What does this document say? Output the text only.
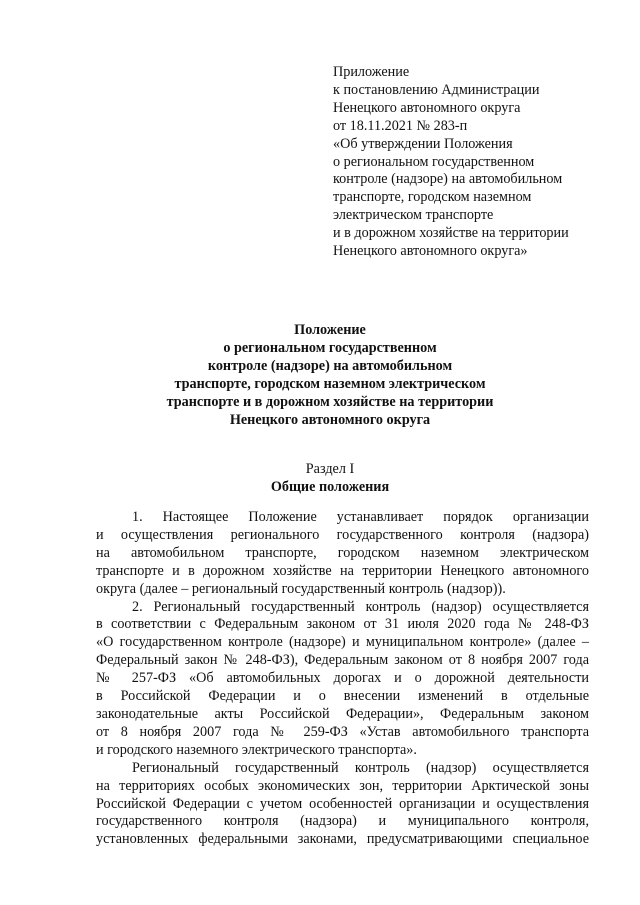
Приложение
к постановлению Администрации
Ненецкого автономного округа
от 18.11.2021 № 283-п
«Об утверждении Положения
о региональном государственном
контроле (надзоре) на автомобильном
транспорте, городском наземном
электрическом транспорте
и в дорожном хозяйстве на территории
Ненецкого автономного округа»
Положение
о региональном государственном
контроле (надзоре) на автомобильном
транспорте, городском наземном электрическом
транспорте и в дорожном хозяйстве на территории
Ненецкого автономного округа
Раздел I
Общие положения
1. Настоящее Положение устанавливает порядок организации
и осуществления регионального государственного контроля (надзора)
на автомобильном транспорте, городском наземном электрическом
транспорте и в дорожном хозяйстве на территории Ненецкого автономного
округа (далее – региональный государственный контроль (надзор)).
2. Региональный государственный контроль (надзор) осуществляется
в соответствии с Федеральным законом от 31 июля 2020 года № 248-ФЗ
«О государственном контроле (надзоре) и муниципальном контроле» (далее –
Федеральный закон № 248-ФЗ), Федеральным законом от 8 ноября 2007 года
№ 257-ФЗ «Об автомобильных дорогах и о дорожной деятельности
в Российской Федерации и о внесении изменений в отдельные
законодательные акты Российской Федерации», Федеральным законом
от 8 ноября 2007 года № 259-ФЗ «Устав автомобильного транспорта
и городского наземного электрического транспорта».
Региональный государственный контроль (надзор) осуществляется
на территориях особых экономических зон, территории Арктической зоны
Российской Федерации с учетом особенностей организации и осуществления
государственного контроля (надзора) и муниципального контроля,
установленных федеральными законами, предусматривающими специальное
